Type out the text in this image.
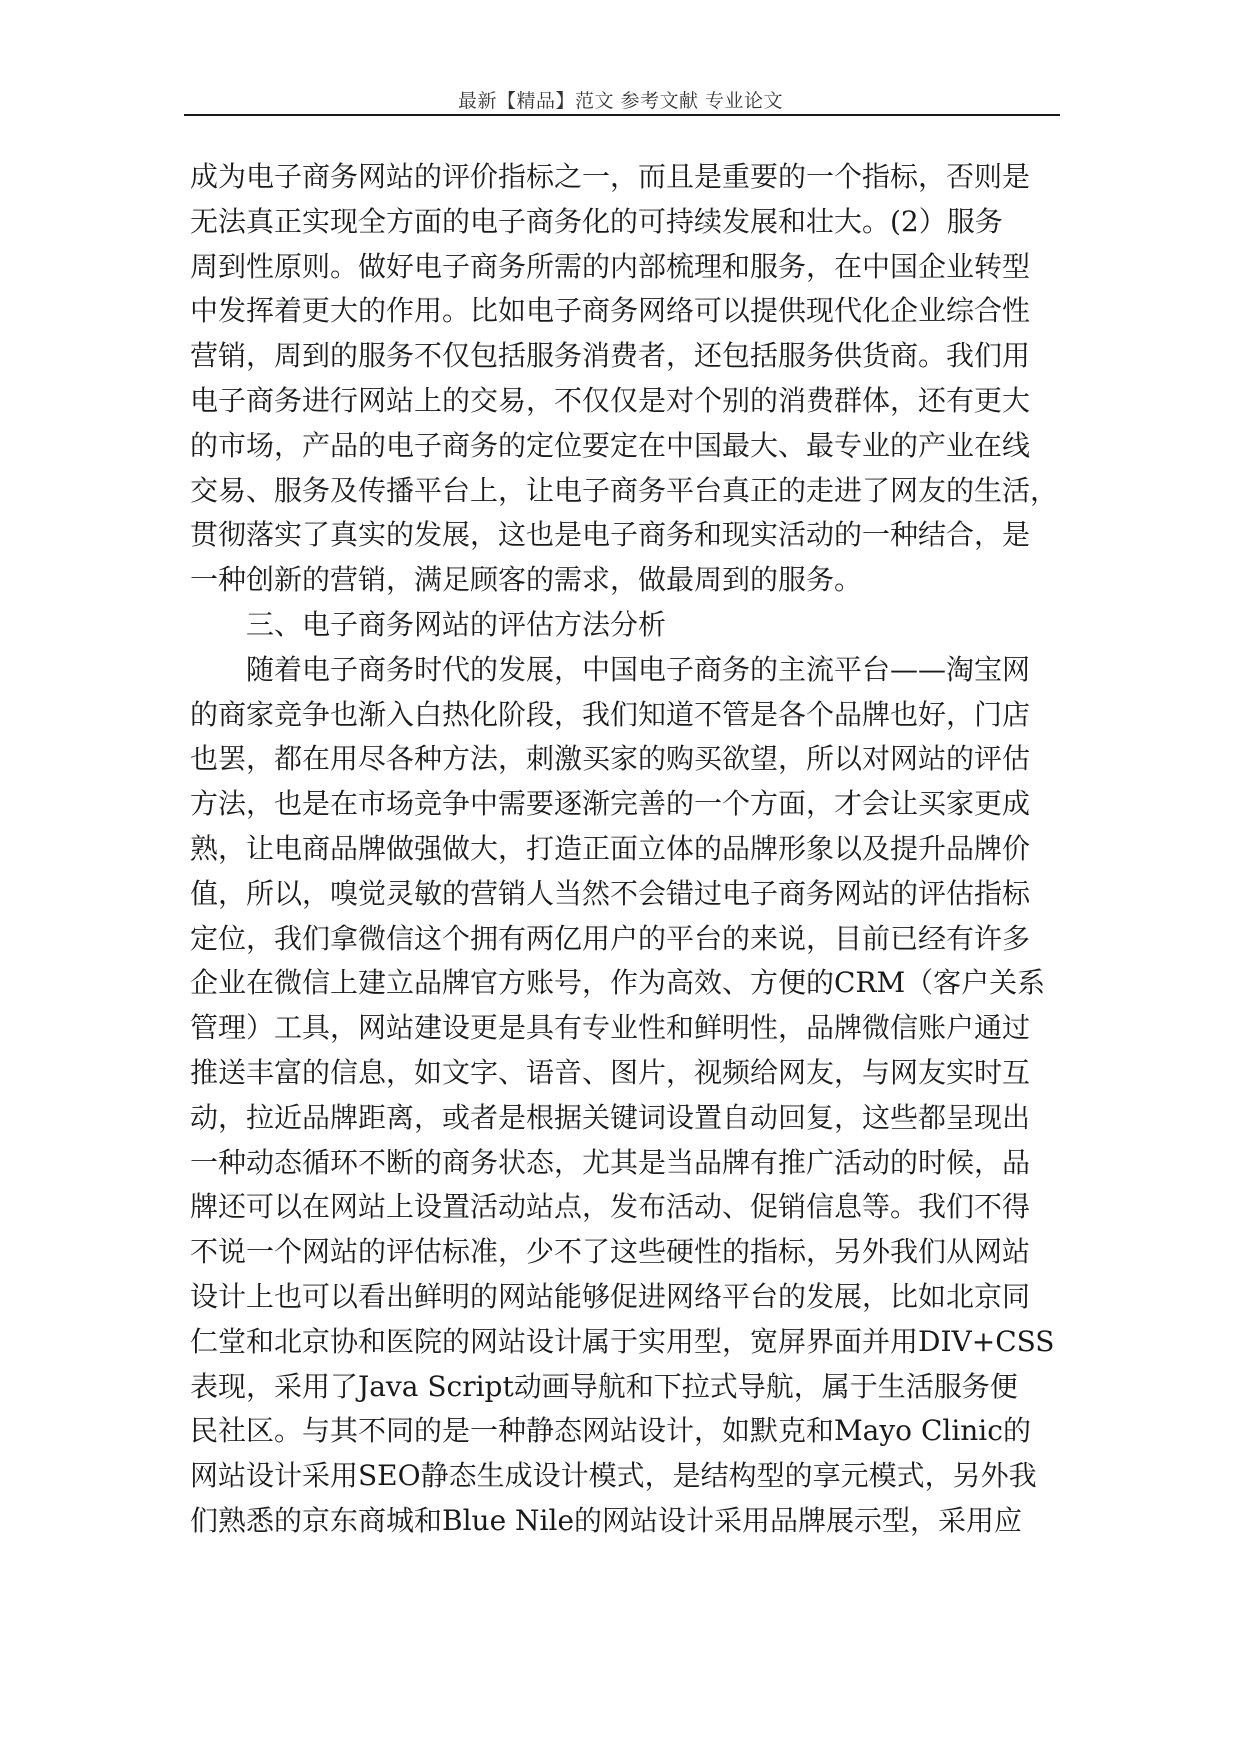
最新【精品】范文 参考文献 专业论文
成为电子商务网站的评价指标之一，而且是重要的一个指标，否则是
无法真正实现全方面的电子商务化的可持续发展和壮大。(2）服务
周到性原则。做好电子商务所需的内部梳理和服务，在中国企业转型
中发挥着更大的作用。比如电子商务网络可以提供现代化企业综合性
营销，周到的服务不仅包括服务消费者，还包括服务供货商。我们用
电子商务进行网站上的交易，不仅仅是对个别的消费群体，还有更大
的市场，产品的电子商务的定位要定在中国最大、最专业的产业在线
交易、服务及传播平台上，让电子商务平台真正的走进了网友的生活，
贯彻落实了真实的发展，这也是电子商务和现实活动的一种结合，是
一种创新的营销，满足顾客的需求，做最周到的服务。
三、电子商务网站的评估方法分析
随着电子商务时代的发展，中国电子商务的主流平台——淘宝网
的商家竞争也渐入白热化阶段，我们知道不管是各个品牌也好，门店
也罢，都在用尽各种方法，刺激买家的购买欲望，所以对网站的评估
方法，也是在市场竞争中需要逐渐完善的一个方面，才会让买家更成
熟，让电商品牌做强做大，打造正面立体的品牌形象以及提升品牌价
值，所以，嗅觉灵敏的营销人当然不会错过电子商务网站的评估指标
定位，我们拿微信这个拥有两亿用户的平台的来说，目前已经有许多
企业在微信上建立品牌官方账号，作为高效、方便的CRM（客户关系
管理）工具，网站建设更是具有专业性和鲜明性，品牌微信账户通过
推送丰富的信息，如文字、语音、图片，视频给网友，与网友实时互
动，拉近品牌距离，或者是根据关键词设置自动回复，这些都呈现出
一种动态循环不断的商务状态，尤其是当品牌有推广活动的时候，品
牌还可以在网站上设置活动站点，发布活动、促销信息等。我们不得
不说一个网站的评估标准，少不了这些硬性的指标，另外我们从网站
设计上也可以看出鲜明的网站能够促进网络平台的发展，比如北京同
仁堂和北京协和医院的网站设计属于实用型，宽屏界面并用DIV+CSS
表现，采用了Java Script动画导航和下拉式导航，属于生活服务便
民社区。与其不同的是一种静态网站设计，如默克和Mayo Clinic的
网站设计采用SEO静态生成设计模式，是结构型的享元模式，另外我
们熟悉的京东商城和Blue Nile的网站设计采用品牌展示型，采用应
